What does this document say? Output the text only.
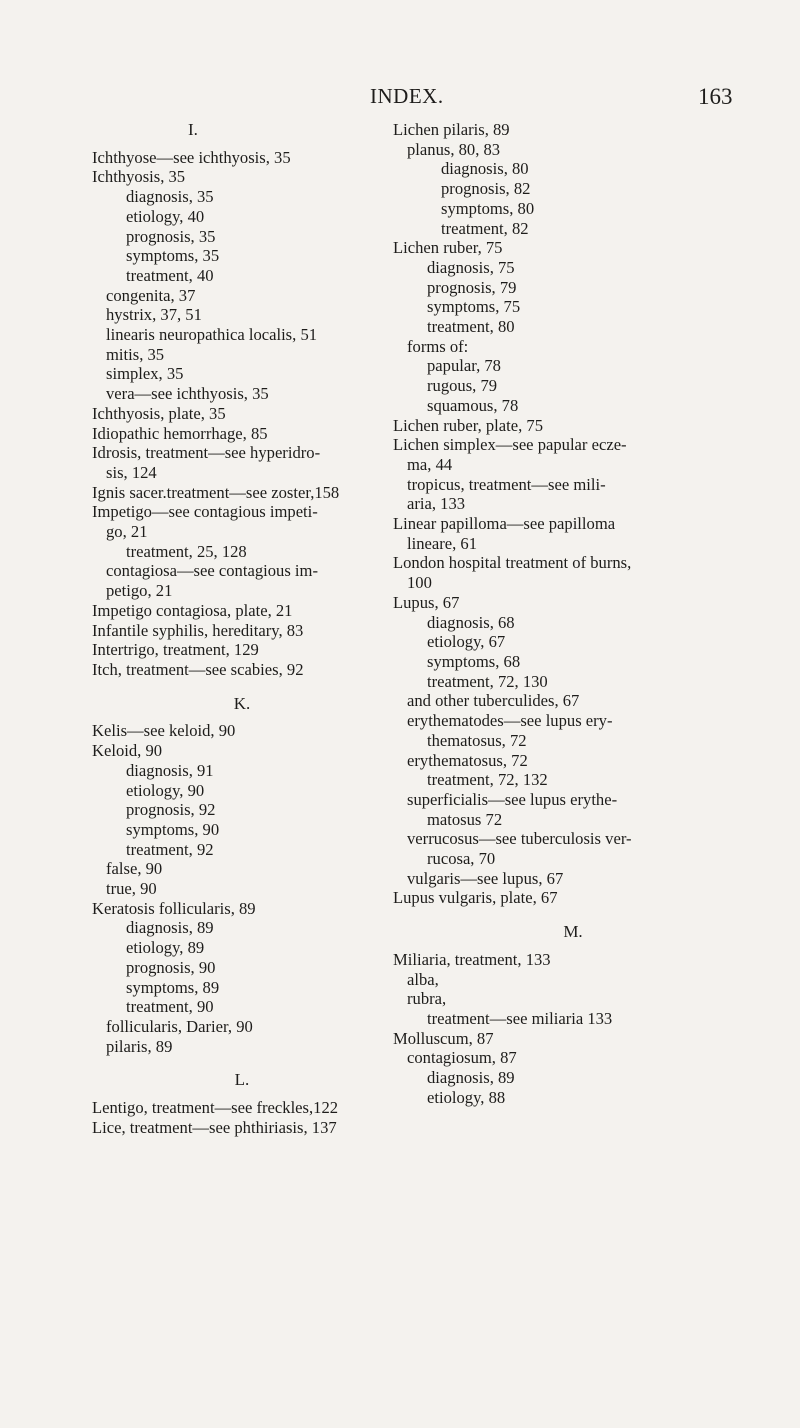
INDEX.	163
I.
Ichthyose—see ichthyosis, 35
Ichthyosis, 35
diagnosis, 35
etiology, 40
prognosis, 35
symptoms, 35
treatment, 40
congenita, 37
hystrix, 37, 51
linearis neuropathica localis, 51
mitis, 35
simplex, 35
vera—see ichthyosis, 35
Ichthyosis, plate, 35
Idiopathic hemorrhage, 85
Idrosis, treatment—see hyperidro-
sis, 124
Ignis sacer.treatment—see zoster,158
Impetigo—see contagious impeti-
go, 21
treatment, 25, 128
contagiosa—see contagious im-
petigo, 21
Impetigo contagiosa, plate, 21
Infantile syphilis, hereditary, 83
Intertrigo, treatment, 129
Itch, treatment—see scabies, 92
K.
Kelis—see keloid, 90
Keloid, 90
diagnosis, 91
etiology, 90
prognosis, 92
symptoms, 90
treatment, 92
false, 90
true, 90
Keratosis follicularis, 89
diagnosis, 89
etiology, 89
prognosis, 90
symptoms, 89
treatment, 90
follicularis, Darier, 90
pilaris, 89
L.
Lentigo, treatment—see freckles,122
Lice, treatment—see phthiriasis, 137
Lichen pilaris, 89
planus, 80, 83
diagnosis, 80
prognosis, 82
symptoms, 80
treatment, 82
Lichen ruber, 75
diagnosis, 75
prognosis, 79
symptoms, 75
treatment, 80
forms of:
papular, 78
rugous, 79
squamous, 78
Lichen ruber, plate, 75
Lichen simplex—see papular ecze-
ma, 44
tropicus, treatment—see mili-
aria, 133
Linear papilloma—see papilloma
lineare, 61
London hospital treatment of burns,
100
Lupus, 67
diagnosis, 68
etiology, 67
symptoms, 68
treatment, 72, 130
and other tuberculides, 67
erythematodes—see lupus ery-
thematosus, 72
erythematosus, 72
treatment, 72, 132
superficialis—see lupus erythe-
matosus 72
verrucosus—see tuberculosis ver-
rucosa, 70
vulgaris—see lupus, 67
Lupus vulgaris, plate, 67
M.
Miliaria, treatment, 133
alba,
rubra,
treatment—see miliaria 133
Molluscum, 87
contagiosum, 87
diagnosis, 89
etiology, 88
